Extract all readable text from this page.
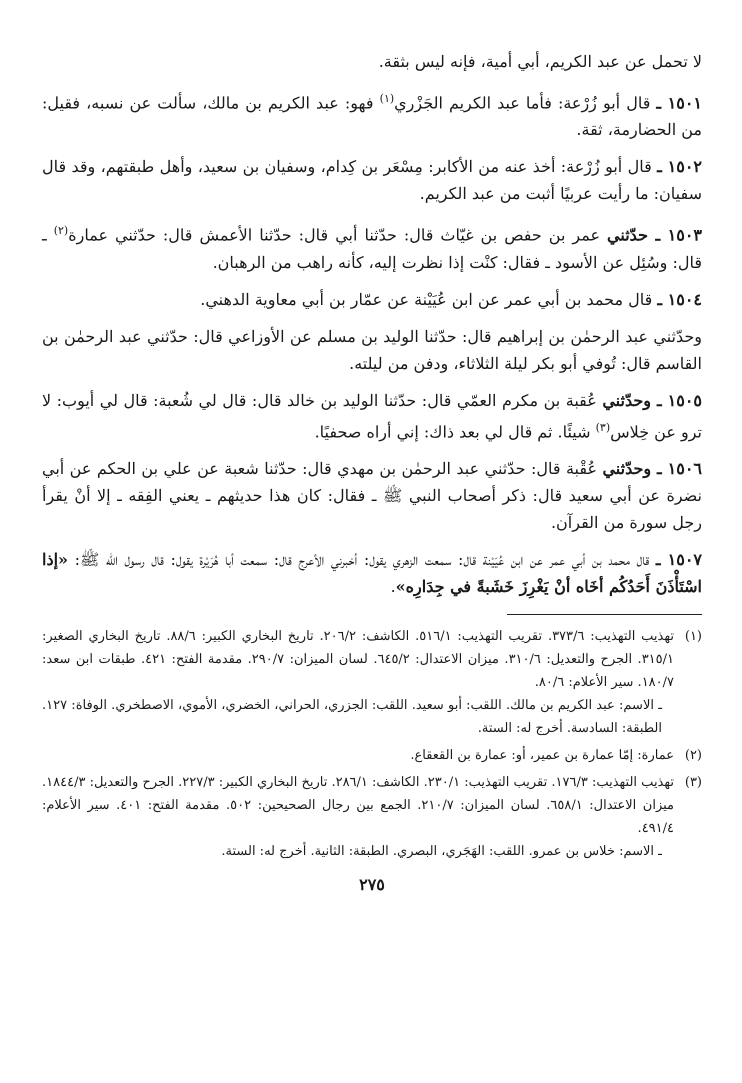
لا تحمل عن عبد الكريم، أبي أمية، فإنه ليس بثقة.

١٥٠١ ـ قال أبو زُرْعة: فأما عبد الكريم الجَزْري$^{(١)}$ فهو: عبد الكريم بن مالك، سألت عن نسبه، فقيل: من الحضارمة، ثقة.

١٥٠٢ ـ قال أبو زُرْعة: أخذ عنه من الأكابر: مِسْعَر بن كِدام، وسفيان بن سعيد، وأهل طبقتهم، وقد قال سفيان: ما رأيت عربيًا أثبت من عبد الكريم.

١٥٠٣ ـ حدّثني عمر بن حفص بن غيّاث قال: حدّثنا أبي قال: حدّثنا الأعمش قال: حدّثني عمارة$^{(٢)}$ ـ قال: وسُئِل عن الأسود ـ فقال: كنْت إذا نظرت إليه، كأنه راهب من الرهبان.

١٥٠٤ ـ قال محمد بن أبي عمر عن ابن عُيَيْنة عن عمّار بن أبي معاوية الدهني.

وحدّثني عبد الرحمٰن بن إبراهيم قال: حدّثنا الوليد بن مسلم عن الأوزاعي قال: حدّثني عبد الرحمٰن بن القاسم قال: تُوفي أبو بكر ليلة الثلاثاء، ودفن من ليلته.

١٥٠٥ ـ وحدّثني عُقبة بن مكرم العمّي قال: حدّثنا الوليد بن خالد قال: قال لي شُعبة: قال لي أيوب: لا ترو عن خِلاس$^{(٣)}$ شيئًا. ثم قال لي بعد ذاك: إني أراه صحفيًا.

١٥٠٦ ـ وحدّثني عُقْبة قال: حدّثني عبد الرحمٰن بن مهدي قال: حدّثنا شعبة عن علي بن الحكم عن أبي نضرة عن أبي سعيد قال: ذكر أصحاب النبي ﷺ ـ فقال: كان هذا حديثهم ـ يعني الفِقه ـ إلا أنْ يقرأ رجل سورة من القرآن.

١٥٠٧ ـ قال محمد بن أبي عمر عن ابن عُيَيْنة قال: سمعت الزهري يقول: أخبرني الأعرج قال: سمعت أبا هُرَيْرة يقول: قال رسول الله ﷺ: «إذا اسْتَأْذَنَ أَحَدُكُم أخَاه أنْ يَغْرِزَ خَشَبةً في جِدَارِه».

(١)
تهذيب التهذيب: ٣٧٣/٦. تقريب التهذيب: ٥١٦/١. الكاشف: ٢٠٦/٢. تاريخ البخاري الكبير: ٨٨/٦. تاريخ البخاري الصغير: ٣١٥/١. الجرح والتعديل: ٣١٠/٦. ميزان الاعتدال: ٦٤٥/٢. لسان الميزان: ٢٩٠/٧. مقدمة الفتح: ٤٢١. طبقات ابن سعد: ١٨٠/٧. سير الأعلام: ٨٠/٦.
ـ الاسم: عبد الكريم بن مالك. اللقب: أبو سعيد. اللقب: الجزري، الحراني، الخضري، الأموي، الاصطخري. الوفاة: ١٢٧. الطبقة: السادسة. أخرج له: الستة.
(٢)
عمارة: إمّا عمارة بن عمير، أو: عمارة بن القعقاع.
(٣)
تهذيب التهذيب: ١٧٦/٣. تقريب التهذيب: ٢٣٠/١. الكاشف: ٢٨٦/١. تاريخ البخاري الكبير: ٢٢٧/٣. الجرح والتعديل: ١٨٤٤/٣. ميزان الاعتدال: ٦٥٨/١. لسان الميزان: ٢١٠/٧. الجمع بين رجال الصحيحين: ٥٠٢. مقدمة الفتح: ٤٠١. سير الأعلام: ٤٩١/٤.
ـ الاسم: خلاس بن عمرو. اللقب: الهَجَري، البصري. الطبقة: الثانية. أخرج له: الستة.
٢٧٥
